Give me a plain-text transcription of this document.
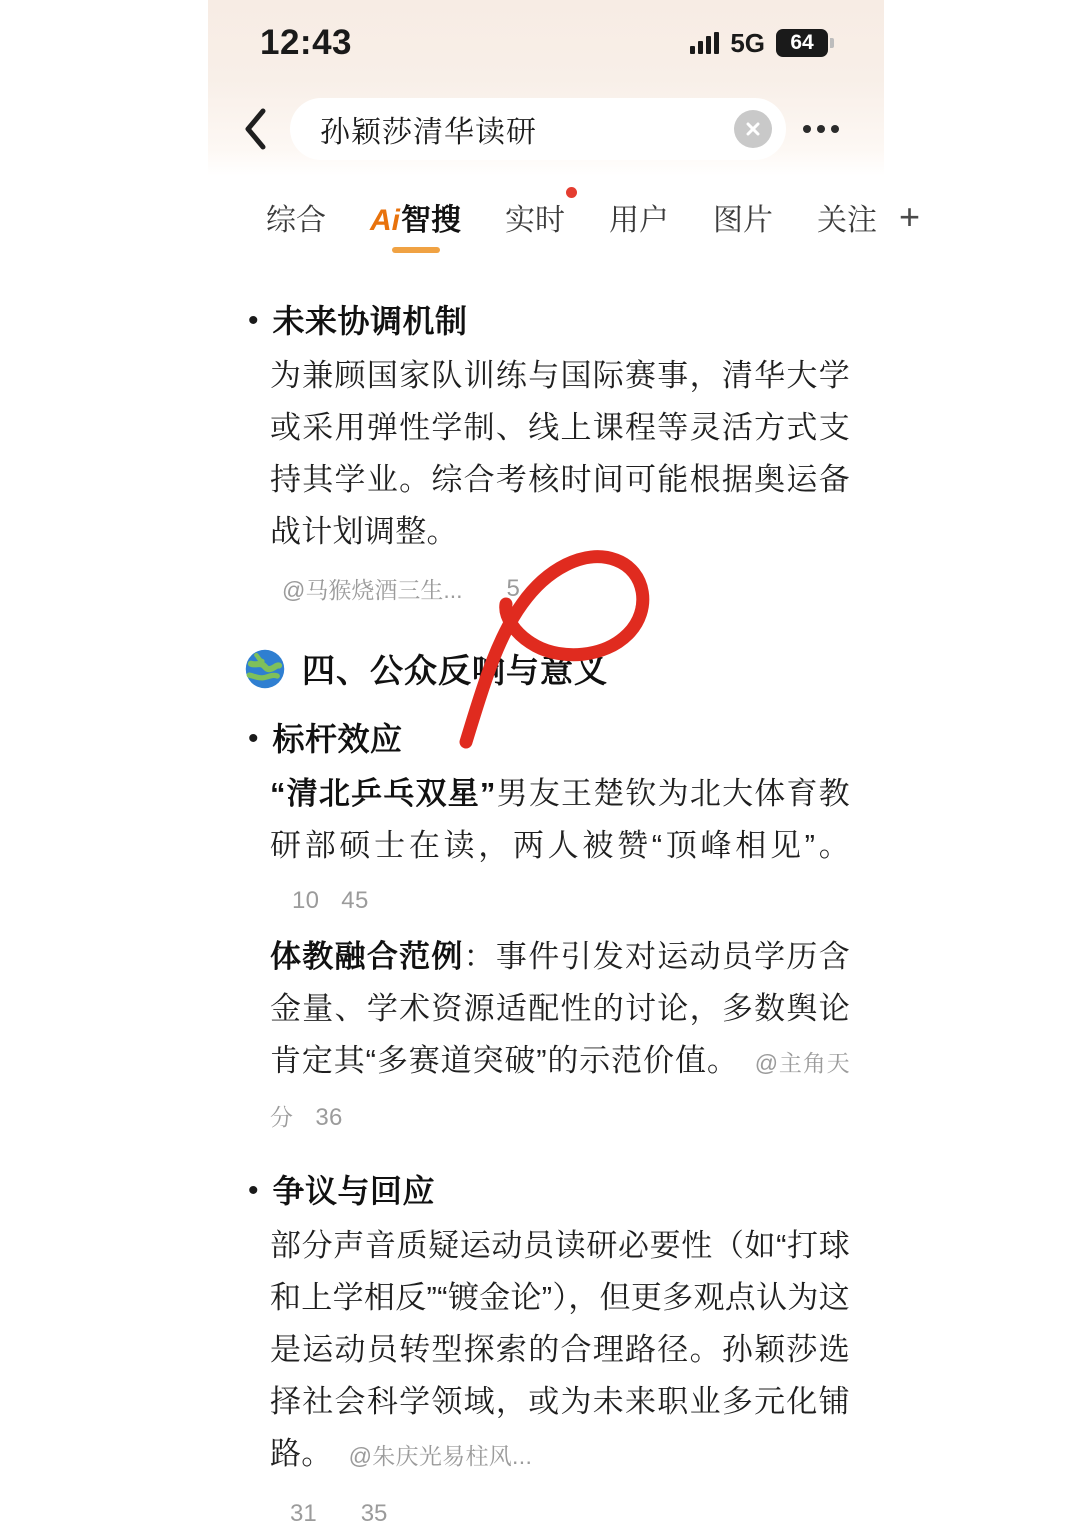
12:43	5G 64
孙颖莎清华读研
综合	Ai智搜	实时	用户	图片	关注 +
• 未来协调机制
为兼顾国家队训练与国际赛事，清华大学或采用弹性学制、线上课程等灵活方式支持其学业。综合考核时间可能根据奥运备战计划调整。
@马猴烧酒三生... 5
四、公众反响与意义
• 标杆效应
“清北乒乓双星”男友王楚钦为北大体育教研部硕士在读，两人被赞“顶峰相见”。10 45
体教融合范例：事件引发对运动员学历含金量、学术资源适配性的讨论，多数舆论肯定其“多赛道突破”的示范价值。 @主角天分 36
• 争议与回应
部分声音质疑运动员读研必要性（如“打球和上学相反”“镀金论”），但更多观点认为这是运动员转型探索的合理路径。孙颖莎选择社会科学领域，或为未来职业多元化铺路。 @朱庆光易柱风...
31 35
